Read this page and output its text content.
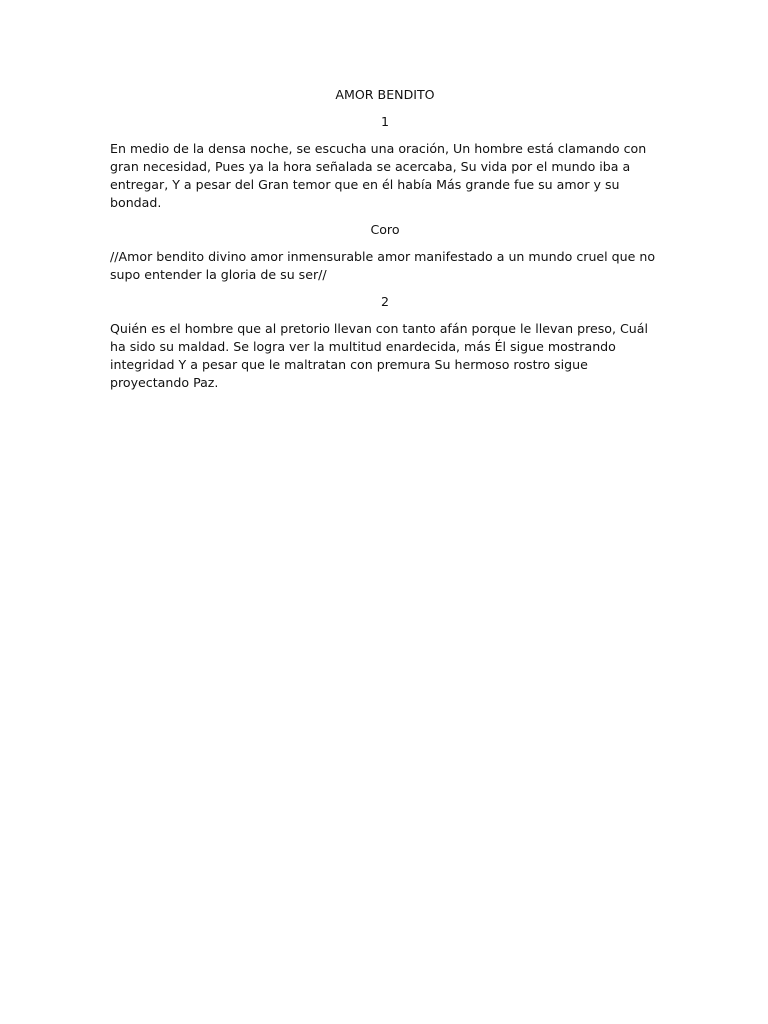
AMOR BENDITO

1

En medio de la densa noche, se escucha una oración, Un hombre está clamando con gran necesidad, Pues ya la hora señalada se acercaba, Su vida por el mundo iba a entregar, Y a pesar del Gran temor que en él había Más grande fue su amor y su bondad.

Coro

//Amor bendito divino amor inmensurable amor manifestado a un mundo cruel que no supo entender la gloria de su ser//

2

Quién es el hombre que al pretorio llevan con tanto afán porque le llevan preso, Cuál ha sido su maldad. Se logra ver la multitud enardecida, más Él sigue mostrando integridad Y a pesar que le maltratan con premura Su hermoso rostro sigue proyectando Paz.
